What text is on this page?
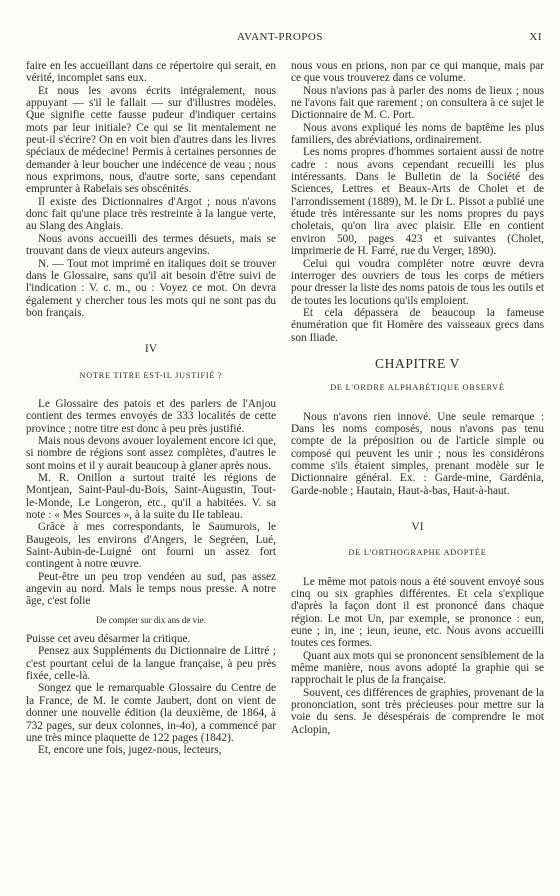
AVANT-PROPOS	XI

faire en les accueillant dans ce répertoire qui serait, en vérité, incomplet sans eux.

Et nous les avons écrits intégralement, nous appuyant — s'il le fallait — sur d'illustres modèles. Que signifie cette fausse pudeur d'indiquer certains mots par leur initiale? Ce qui se lit mentalement ne peut-il s'écrire? On en voit bien d'autres dans les livres spéciaux de médecine! Permis à certaines personnes de demander à leur boucher une indécence de veau ; nous nous exprimons, nous, d'autre sorte, sans cependant emprunter à Rabelais ses obscénités.

Il existe des Dictionnaires d'Argot ; nous n'avons donc fait qu'une place très restreinte à la langue verte, au Slang des Anglais.

Nous avons accueilli des termes désuets, mais se trouvant dans de vieux auteurs angevins.

N. — Tout mot imprimé en italiques doit se trouver dans le Glossaire, sans qu'il ait besoin d'être suivi de l'indication : V. c. m., ou : Voyez ce mot. On devra également y chercher tous les mots qui ne sont pas du bon français.

IV
NOTRE TITRE EST-IL JUSTIFIÉ ?

Le Glossaire des patois et des parlers de l'Anjou contient des termes envoyés de 333 localités de cette province ; notre titre est donc à peu près justifié.

Mais nous devons avouer loyalement encore ici que, si nombre de régions sont assez complètes, d'autres le sont moins et il y aurait beaucoup à glaner après nous.

M. R. Onillon a surtout traité les régions de Montjean, Saint-Paul-du-Bois, Saint-Augustin, Tout-le-Monde, Le Longeron, etc., qu'il a habitées. V. sa note : « Mes Sources », à la suite du IIe tableau.

Grâce à mes correspondants, le Saumurois, le Baugeois, les environs d'Angers, le Segréen, Lué, Saint-Aubin-de-Luigné ont fourni un assez fort contingent à notre œuvre.

Peut-être un peu trop vendéen au sud, pas assez angevin au nord. Mais le temps nous presse. A notre âge, c'est folie

De compter sur dix ans de vie.

Puisse cet aveu désarmer la critique.

Pensez aux Suppléments du Dictionnaire de Littré ; c'est pourtant celui de la langue française, à peu près fixée, celle-là.

Songez que le remarquable Glossaire du Centre de la France, de M. le comte Jaubert, dont on vient de donner une nouvelle édition (la deuxième, de 1864, à 732 pages, sur deux colonnes, in-4o), a commencé par une très mince plaquette de 122 pages (1842).

Et, encore une fois, jugez-nous, lecteurs,

nous vous en prions, non par ce qui manque, mais par ce que vous trouverez dans ce volume.

Nous n'avions pas à parler des noms de lieux ; nous ne l'avons fait que rarement ; on consultera à ce sujet le Dictionnaire de M. C. Port.

Nous avons expliqué les noms de baptême les plus familiers, des abréviations, ordinairement.

Les noms propres d'hommes sortaient aussi de notre cadre : nous avons cependant recueilli les plus intéressants. Dans le Bulletin de la Société des Sciences, Lettres et Beaux-Arts de Cholet et de l'arrondissement (1889), M. le Dr L. Pissot a publié une étude très intéressante sur les noms propres du pays choletais, qu'on lira avec plaisir. Elle en contient environ 500, pages 423 et suivantes (Cholet, imprimerie de H. Farré, rue du Verger, 1890).

Celui qui voudra compléter notre œuvre devra interroger des ouvriers de tous les corps de métiers pour dresser la liste des noms patois de tous les outils et de toutes les locutions qu'ils emploient.

Et cela dépassera de beaucoup la fameuse énumération que fit Homère des vaisseaux grecs dans son Iliade.

CHAPITRE V
DE L'ORDRE ALPHABÉTIQUE OBSERVÉ

Nous n'avons rien innové. Une seule remarque : Dans les noms composés, nous n'avons pas tenu compte de la préposition ou de l'article simple ou composé qui peuvent les unir ; nous les considérons comme s'ils étaient simples, prenant modèle sur le Dictionnaire général. Ex. : Garde-mine, Gardénia, Garde-noble ; Hautain, Haut-à-bas, Haut-à-haut.

VI
DE L'ORTHOGRAPHE ADOPTÉE

Le même mot patois nous a été souvent envoyé sous cinq ou six graphies différentes. Et cela s'explique d'après la façon dont il est prononcé dans chaque région. Le mot Un, par exemple, se prononce : eun, eune ; in, ine ; ieun, ieune, etc. Nous avons accueilli toutes ces formes.

Quant aux mots qui se prononcent sensiblement de la même manière, nous avons adopté la graphie qui se rapprochait le plus de la française.

Souvent, ces différences de graphies, provenant de la prononciation, sont très précieuses pour mettre sur la voie du sens. Je désespérais de comprendre le mot Aclopin,
